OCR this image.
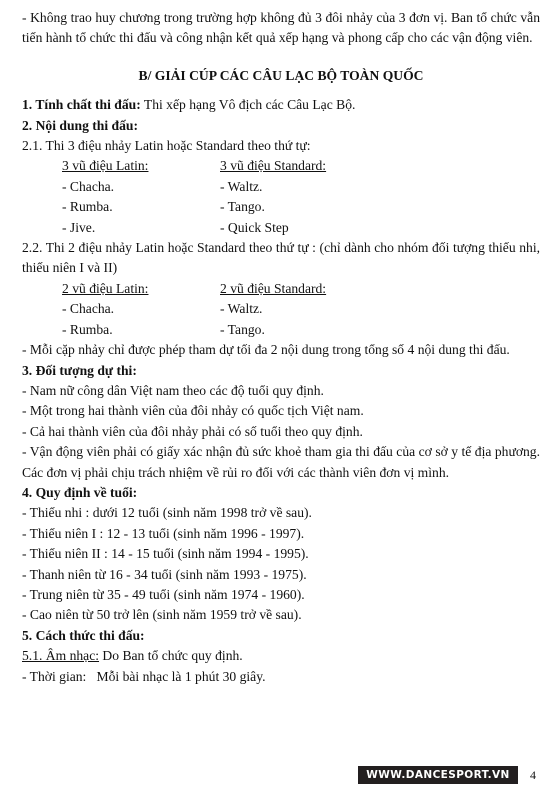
- Không trao huy chương trong trường hợp không đủ 3 đôi nhảy của 3 đơn vị. Ban tổ chức vẫn tiến hành tổ chức thi đấu và công nhận kết quả xếp hạng và phong cấp cho các vận động viên.

B/ GIẢI CÚP CÁC CÂU LẠC BỘ TOÀN QUỐC

1. Tính chất thi đấu: Thi xếp hạng Vô địch các Câu Lạc Bộ.

2. Nội dung thi đấu:

2.1. Thi 3 điệu nhảy Latin hoặc Standard theo thứ tự:

3 vũ điệu Latin:	3 vũ điệu Standard:
- Chacha.	- Waltz.
- Rumba.	- Tango.
- Jive.	- Quick Step

2.2. Thi 2 điệu nhảy Latin hoặc Standard theo thứ tự : (chỉ dành cho nhóm đối tượng thiếu nhi, thiếu niên I và II)

2 vũ điệu Latin:	2 vũ điệu Standard:
- Chacha.	- Waltz.
- Rumba.	- Tango.

- Mỗi cặp nhảy chỉ được phép tham dự tối đa 2 nội dung trong tổng số 4 nội dung thi đấu.

3. Đối tượng dự thi:

- Nam nữ công dân Việt nam theo các độ tuổi quy định.

- Một trong hai thành viên của đôi nhảy có quốc tịch Việt nam.

- Cả hai thành viên của đôi nhảy phải có số tuổi theo quy định.

- Vận động viên phải có giấy xác nhận đủ sức khoẻ tham gia thi đấu của cơ sở y tế địa phương. Các đơn vị phải chịu trách nhiệm về rủi ro đối với các thành viên đơn vị mình.

4. Quy định về tuổi:

- Thiếu nhi : dưới 12 tuổi (sinh năm 1998 trở về sau).

- Thiếu niên I : 12 - 13 tuổi (sinh năm 1996 - 1997).

- Thiếu niên II : 14 - 15 tuổi (sinh năm 1994 - 1995).

- Thanh niên từ 16 - 34 tuổi (sinh năm 1993 - 1975).

- Trung niên từ 35 - 49 tuổi (sinh năm 1974 - 1960).

- Cao niên từ 50 trở lên (sinh năm 1959 trở về sau).

5. Cách thức thi đấu:

5.1. Âm nhạc: Do Ban tổ chức quy định.

- Thời gian:   Mỗi bài nhạc là 1 phút 30 giây.

WWW.DANCESPORT.VN	4
